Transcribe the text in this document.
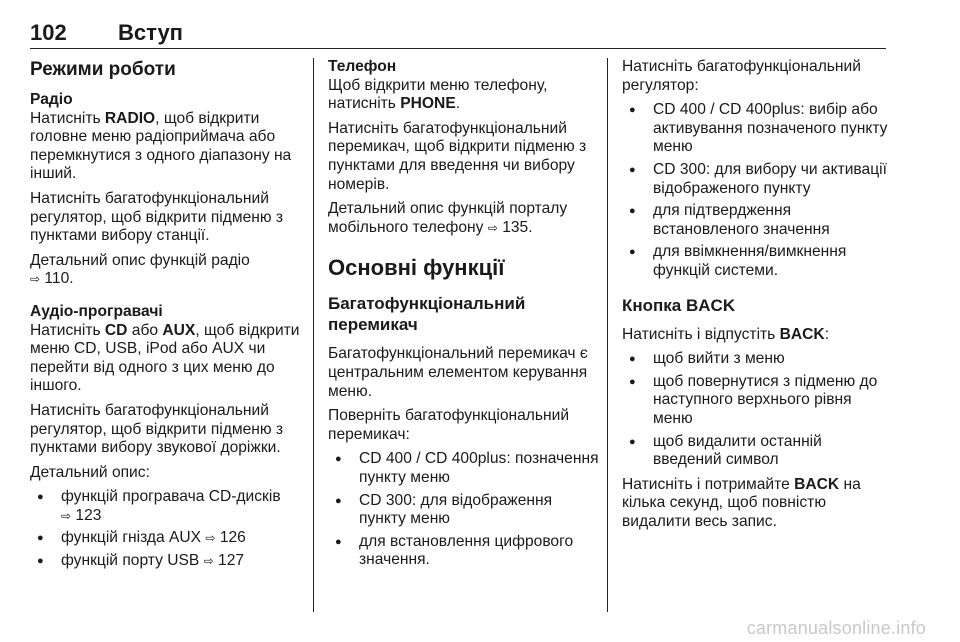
102 Вступ
Режими роботи
Радіо

Натисніть RADIO, щоб відкрити головне меню радіоприймача або перемкнутися з одного діапазону на інший.

Натисніть багатофункціональний регулятор, щоб відкрити підменю з пунктами вибору станції.

Детальний опис функцій радіо
⇨ 110.

Аудіо-програвачі

Натисніть CD або AUX, щоб відкрити меню CD, USB, iPod або AUX чи перейти від одного з цих меню до іншого.

Натисніть багатофункціональний регулятор, щоб відкрити підменю з пунктами вибору звукової доріжки.

Детальний опис:

● функцій програвача CD-дисків
⇨ 123
● функцій гнізда AUX ⇨ 126
● функцій порту USB ⇨ 127
Телефон

Щоб відкрити меню телефону, натисніть PHONE.

Натисніть багатофункціональний перемикач, щоб відкрити підменю з пунктами для введення чи вибору номерів.

Детальний опис функцій порталу мобільного телефону ⇨ 135.

Основні функції
Багатофункціональний перемикач

Багатофункціональний перемикач є центральним елементом керування меню.

Поверніть багатофункціональний перемикач:

● CD 400 / CD 400plus: позначення пункту меню
● CD 300: для відображення пункту меню
● для встановлення цифрового значення.

Натисніть багатофункціональний регулятор:

● CD 400 / CD 400plus: вибір або активування позначеного пункту меню
● CD 300: для вибору чи активації відображеного пункту
● для підтвердження встановленого значення
● для ввімкнення/вимкнення функцій системи.
Кнопка BACK

Натисніть і відпустіть BACK:

● щоб вийти з меню
● щоб повернутися з підменю до наступного верхнього рівня меню
● щоб видалити останній введений символ

Натисніть і потримайте BACK на кілька секунд, щоб повністю видалити весь запис.

carmanualsonline.info
